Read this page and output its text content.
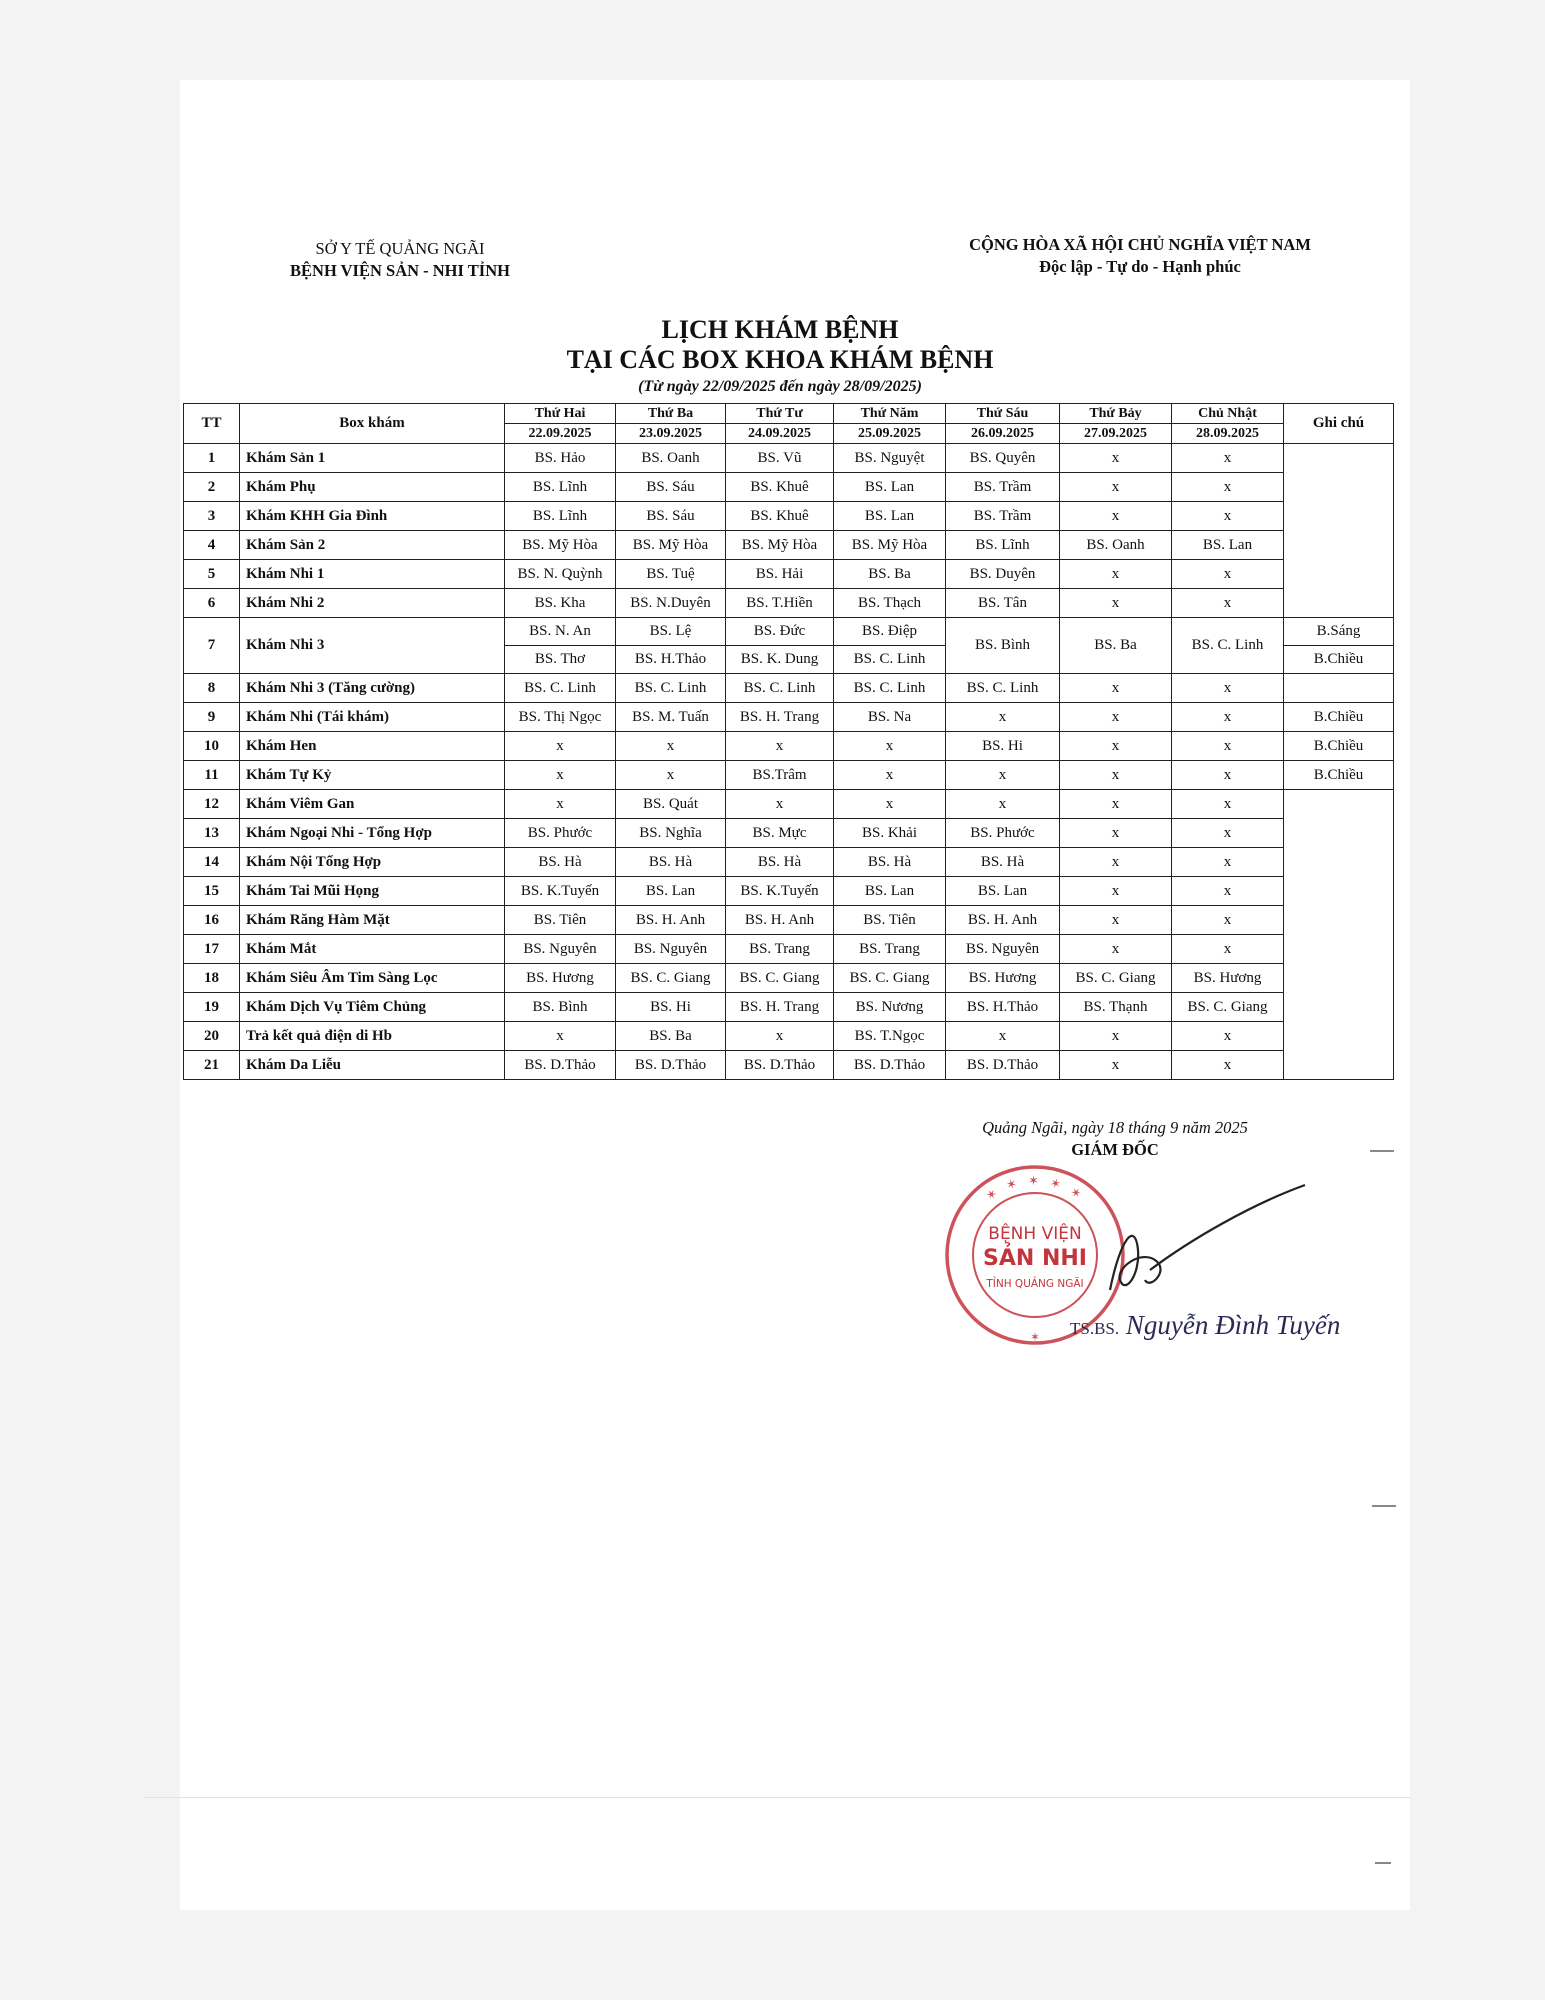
SỞ Y TẾ QUẢNG NGÃI
BỆNH VIỆN SẢN - NHI TỈNH
CỘNG HÒA XÃ HỘI CHỦ NGHĨA VIỆT NAM
Độc lập - Tự do - Hạnh phúc
LỊCH KHÁM BỆNH
TẠI CÁC BOX KHOA KHÁM BỆNH
(Từ ngày 22/09/2025 đến ngày 28/09/2025)
TT	Box khám	Thứ Hai	Thứ Ba	Thứ Tư	Thứ Năm	Thứ Sáu	Thứ Bảy	Chủ Nhật	Ghi chú
		22.09.2025	23.09.2025	24.09.2025	25.09.2025	26.09.2025	27.09.2025	28.09.2025	
1	Khám Sản 1	BS. Hảo	BS. Oanh	BS. Vũ	BS. Nguyệt	BS. Quyên	x	x	
2	Khám Phụ	BS. Lĩnh	BS. Sáu	BS. Khuê	BS. Lan	BS. Trầm	x	x	
3	Khám KHH Gia Đình	BS. Lĩnh	BS. Sáu	BS. Khuê	BS. Lan	BS. Trầm	x	x	
4	Khám Sản 2	BS. Mỹ Hòa	BS. Mỹ Hòa	BS. Mỹ Hòa	BS. Mỹ Hòa	BS. Lĩnh	BS. Oanh	BS. Lan	
5	Khám Nhi 1	BS. N. Quỳnh	BS. Tuệ	BS. Hải	BS. Ba	BS. Duyên	x	x	
6	Khám Nhi 2	BS. Kha	BS. N.Duyên	BS. T.Hiền	BS. Thạch	BS. Tân	x	x	
7	Khám Nhi 3	BS. N. An	BS. Lệ	BS. Đức	BS. Điệp	BS. Bình	BS. Ba	BS. C. Linh	B.Sáng
		BS. Thơ	BS. H.Thảo	BS. K. Dung	BS. C. Linh				B.Chiều
8	Khám Nhi 3 (Tăng cường)	BS. C. Linh	BS. C. Linh	BS. C. Linh	BS. C. Linh	BS. C. Linh	x	x	
9	Khám Nhi (Tái khám)	BS. Thị Ngọc	BS. M. Tuấn	BS. H. Trang	BS. Na	x	x	x	B.Chiều
10	Khám Hen	x	x	x	x	BS. Hi	x	x	B.Chiều
11	Khám Tự Kỷ	x	x	BS.Trâm	x	x	x	x	B.Chiều
12	Khám Viêm Gan	x	BS. Quát	x	x	x	x	x	
13	Khám Ngoại Nhi - Tổng Hợp	BS. Phước	BS. Nghĩa	BS. Mực	BS. Khải	BS. Phước	x	x	
14	Khám Nội Tổng Hợp	BS. Hà	BS. Hà	BS. Hà	BS. Hà	BS. Hà	x	x	
15	Khám Tai Mũi Họng	BS. K.Tuyến	BS. Lan	BS. K.Tuyến	BS. Lan	BS. Lan	x	x	
16	Khám Răng Hàm Mặt	BS. Tiên	BS. H. Anh	BS. H. Anh	BS. Tiên	BS. H. Anh	x	x	
17	Khám Mắt	BS. Nguyên	BS. Nguyên	BS. Trang	BS. Trang	BS. Nguyên	x	x	
18	Khám Siêu Âm Tim Sàng Lọc	BS. Hương	BS. C. Giang	BS. C. Giang	BS. C. Giang	BS. Hương	BS. C. Giang	BS. Hương	
19	Khám Dịch Vụ Tiêm Chủng	BS. Bình	BS. Hi	BS. H. Trang	BS. Nương	BS. H.Thảo	BS. Thạnh	BS. C. Giang	
20	Trả kết quả điện di Hb	x	BS. Ba	x	BS. T.Ngọc	x	x	x	
21	Khám Da Liễu	BS. D.Thảo	BS. D.Thảo	BS. D.Thảo	BS. D.Thảo	BS. D.Thảo	x	x	
Quảng Ngãi, ngày 18 tháng 9 năm 2025
GIÁM ĐỐC
✶ ✶ ✶ ✶ ✶
BỆNH VIỆN
SẢN NHI
TỈNH QUẢNG NGÃI
✶ TS.BS. Nguyễn Đình Tuyến
